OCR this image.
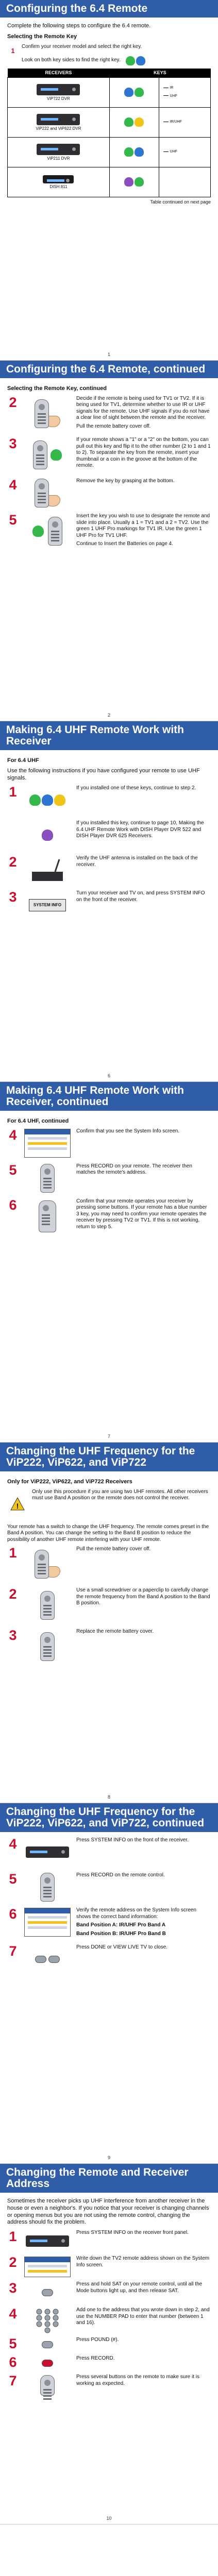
Configuring the 6.4 Remote

Complete the following steps to configure the 6.4 remote.

Selecting the Remote Key

1
Confirm your receiver model and select the right key.
Look on both key sides to find the right key.
RECEIVERS	KEYS	

ViP722 DVR		IR
UHF

ViP222 and ViP622 DVR		IR/UHF

ViP211 DVR		UHF

DISH 811		

Table continued on next page

1
Configuring the 6.4 Remote, continued

Selecting the Remote Key, continued

2	Decide if the remote is being used for TV1 or TV2. If it is being used for TV1, determine whether to use IR or UHF signals for the remote. Use UHF signals if you do not have a clear line of sight between the remote and the receiver.

Pull the remote battery cover off.

3	If your remote shows a "1" or a "2" on the bottom, you can pull out this key and flip it to the other number (2 to 1 and 1 to 2). To separate the key from the remote, insert your thumbnail or a coin in the groove at the bottom of the remote.
4	Remove the key by grasping at the bottom.
5	Insert the key you wish to use to designate the remote and slide into place. Usually a 1 = TV1 and a 2 = TV2. Use the green 1 UHF Pro markings for TV1 IR. Use the green 1 UHF Pro for TV1 UHF.

Continue to Insert the Batteries on page 4.

2
Making 6.4 UHF Remote Work with Receiver

For 6.4 UHF

Use the following instructions if you have configured your remote to use UHF signals.

1	If you installed one of these keys, continue to step 2.
If you installed this key, continue to page 10, Making the 6.4 UHF Remote Work with DISH Player DVR 522 and DISH Player DVR 625 Receivers.
2	Verify the UHF antenna is installed on the back of the receiver.
3
SYSTEM INFO
Turn your receiver and TV on, and press SYSTEM INFO on the front of the receiver.
6
Making 6.4 UHF Remote Work with Receiver, continued

For 6.4 UHF, continued

4	Confirm that you see the System Info screen.
5	Press RECORD on your remote. The receiver then matches the remote's address.
6	Confirm that your remote operates your receiver by pressing some buttons. If your remote has a blue number 3 key, you may need to confirm your remote operates the receiver by pressing TV2 or TV1. If this is not working, return to step 5.
7
Changing the UHF Frequency for the ViP222, ViP622, and ViP722

Only for ViP222, ViP622, and ViP722 Receivers

!
Only use this procedure if you are using two UHF remotes. All other receivers must use Band A position or the remote does not control the receiver.

Your remote has a switch to change the UHF frequency. The remote comes preset in the Band A position. You can change the setting to the Band B position to reduce the possibility of another UHF remote interfering with your UHF remote.

1	Pull the remote battery cover off.
2	Use a small screwdriver or a paperclip to carefully change the remote frequency from the Band A position to the Band B position.
3	Replace the remote battery cover.
8
Changing the UHF Frequency for the ViP222, ViP622, and ViP722, continued
4	Press SYSTEM INFO on the front of the receiver.
5	Press RECORD on the remote control.
6	Verify the remote address on the System Info screen shows the correct band information:

Band Position A: IR/UHF Pro Band A

Band Position B: IR/UHF Pro Band B

7	Press DONE or VIEW LIVE TV to close.
9
Changing the Remote and Receiver Address

Sometimes the receiver picks up UHF interference from another receiver in the house or even a neighbor's. If you notice that your receiver is changing channels or opening menus but you are not using the remote control, changing the address should fix the problem.

1	Press SYSTEM INFO on the receiver front panel.
2	Write down the TV2 remote address shown on the System Info screen.
3	Press and hold SAT on your remote control, until all the Mode buttons light up, and then release SAT.
4	Add one to the address that you wrote down in step 2, and use the NUMBER PAD to enter that number (between 1 and 16).
5	Press POUND (#).
6	Press RECORD.
7	Press several buttons on the remote to make sure it is working as expected.
10
